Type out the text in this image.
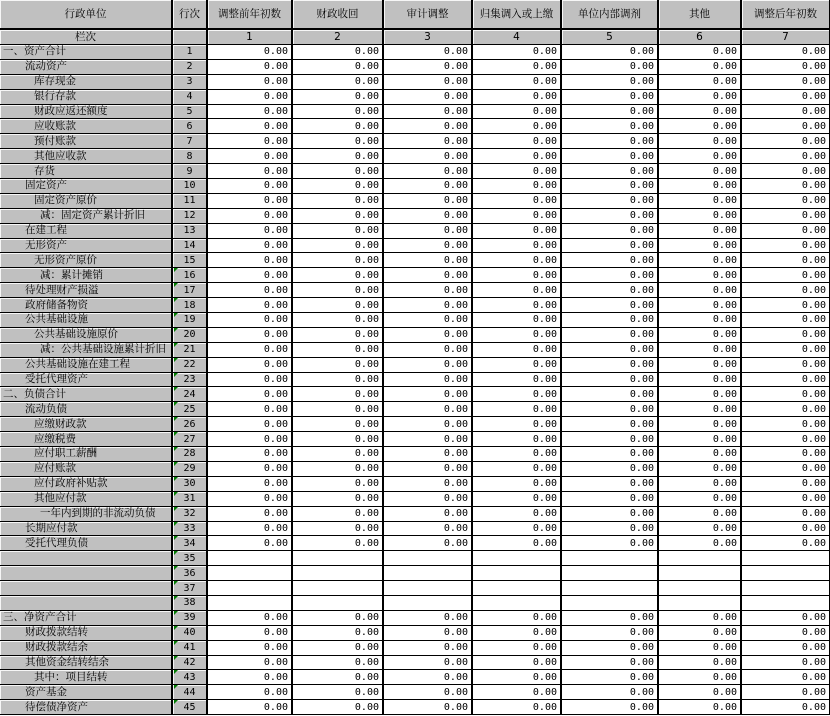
行政单位	行次	调整前年初数	财政收回	审计调整	归集调入或上缴	单位内部调剂	其他	调整后年初数
栏次		1	2	3	4	5	6	7
一、资产合计	1	0.00	0.00	0.00	0.00	0.00	0.00	0.00
流动资产	2	0.00	0.00	0.00	0.00	0.00	0.00	0.00
库存现金	3	0.00	0.00	0.00	0.00	0.00	0.00	0.00
银行存款	4	0.00	0.00	0.00	0.00	0.00	0.00	0.00
财政应返还额度	5	0.00	0.00	0.00	0.00	0.00	0.00	0.00
应收账款	6	0.00	0.00	0.00	0.00	0.00	0.00	0.00
预付账款	7	0.00	0.00	0.00	0.00	0.00	0.00	0.00
其他应收款	8	0.00	0.00	0.00	0.00	0.00	0.00	0.00
存货	9	0.00	0.00	0.00	0.00	0.00	0.00	0.00
固定资产	10	0.00	0.00	0.00	0.00	0.00	0.00	0.00
固定资产原价	11	0.00	0.00	0.00	0.00	0.00	0.00	0.00
减：固定资产累计折旧	12	0.00	0.00	0.00	0.00	0.00	0.00	0.00
在建工程	13	0.00	0.00	0.00	0.00	0.00	0.00	0.00
无形资产	14	0.00	0.00	0.00	0.00	0.00	0.00	0.00
无形资产原价	15	0.00	0.00	0.00	0.00	0.00	0.00	0.00
减：累计摊销	16	0.00	0.00	0.00	0.00	0.00	0.00	0.00
待处理财产损溢	17	0.00	0.00	0.00	0.00	0.00	0.00	0.00
政府储备物资	18	0.00	0.00	0.00	0.00	0.00	0.00	0.00
公共基础设施	19	0.00	0.00	0.00	0.00	0.00	0.00	0.00
公共基础设施原价	20	0.00	0.00	0.00	0.00	0.00	0.00	0.00
减：公共基础设施累计折旧	21	0.00	0.00	0.00	0.00	0.00	0.00	0.00
公共基础设施在建工程	22	0.00	0.00	0.00	0.00	0.00	0.00	0.00
受托代理资产	23	0.00	0.00	0.00	0.00	0.00	0.00	0.00
二、负债合计	24	0.00	0.00	0.00	0.00	0.00	0.00	0.00
流动负债	25	0.00	0.00	0.00	0.00	0.00	0.00	0.00
应缴财政款	26	0.00	0.00	0.00	0.00	0.00	0.00	0.00
应缴税费	27	0.00	0.00	0.00	0.00	0.00	0.00	0.00
应付职工薪酬	28	0.00	0.00	0.00	0.00	0.00	0.00	0.00
应付账款	29	0.00	0.00	0.00	0.00	0.00	0.00	0.00
应付政府补贴款	30	0.00	0.00	0.00	0.00	0.00	0.00	0.00
其他应付款	31	0.00	0.00	0.00	0.00	0.00	0.00	0.00
一年内到期的非流动负债	32	0.00	0.00	0.00	0.00	0.00	0.00	0.00
长期应付款	33	0.00	0.00	0.00	0.00	0.00	0.00	0.00
受托代理负债	34	0.00	0.00	0.00	0.00	0.00	0.00	0.00
	35

	36

	37

	38

三、净资产合计	39	0.00	0.00	0.00	0.00	0.00	0.00	0.00
财政拨款结转	40	0.00	0.00	0.00	0.00	0.00	0.00	0.00
财政拨款结余	41	0.00	0.00	0.00	0.00	0.00	0.00	0.00
其他资金结转结余	42	0.00	0.00	0.00	0.00	0.00	0.00	0.00
其中：项目结转	43	0.00	0.00	0.00	0.00	0.00	0.00	0.00
资产基金	44	0.00	0.00	0.00	0.00	0.00	0.00	0.00
待偿债净资产	45	0.00	0.00	0.00	0.00	0.00	0.00	0.00
